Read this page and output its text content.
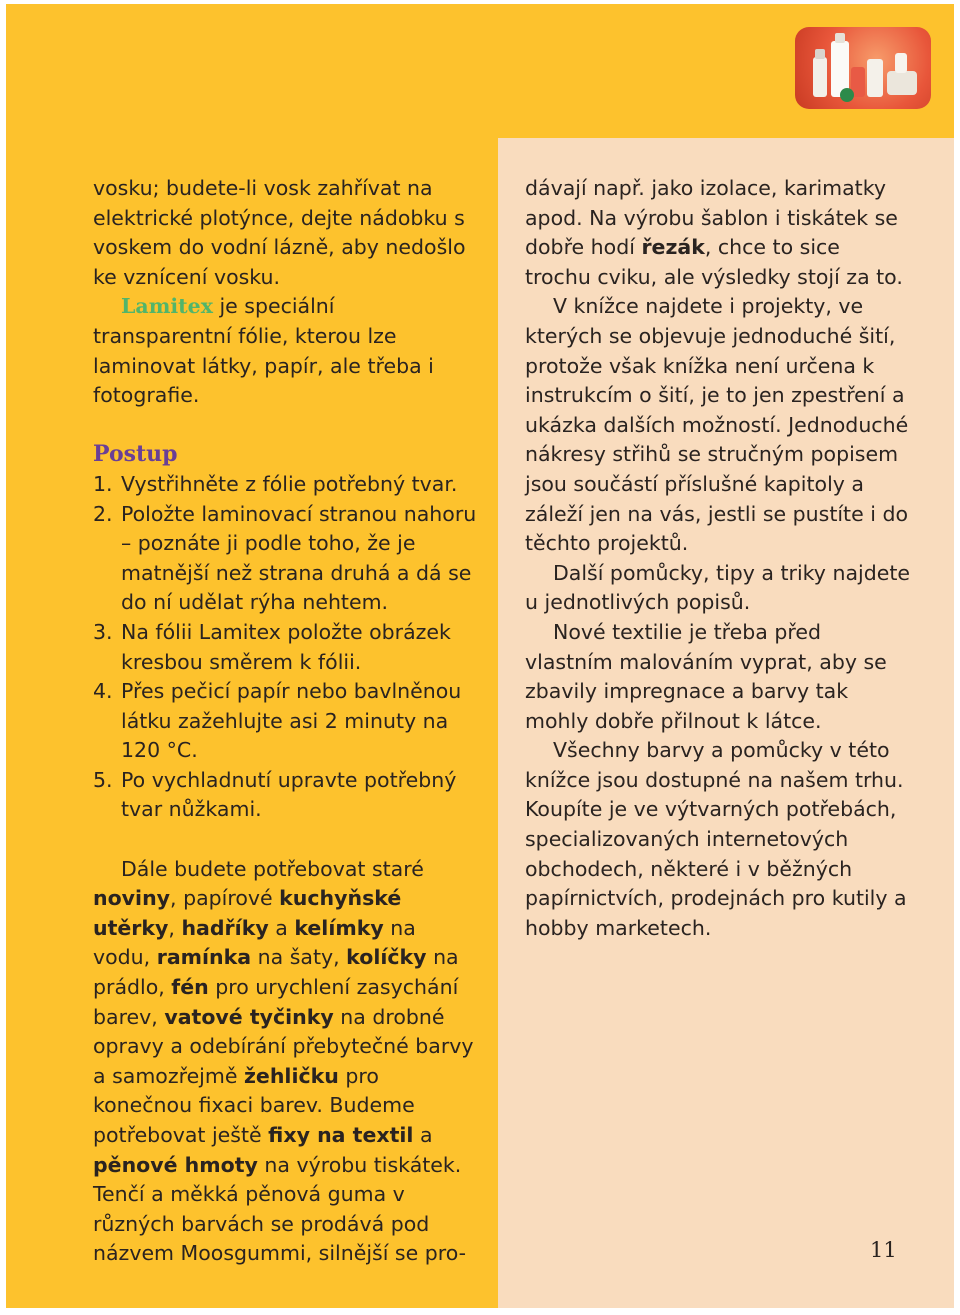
vosku; budete-li vosk zahřívat na elektrické plotýnce, dejte nádobku s voskem do vodní lázně, aby nedošlo ke vznícení vosku.

Lamitex je speciální transparentní fólie, kterou lze laminovat látky, papír, ale třeba i fotografie.

Postup

1. Vystřihněte z fólie potřebný tvar.
2. Položte laminovací stranou nahoru – poznáte ji podle toho, že je matnější než strana druhá a dá se do ní udělat rýha nehtem.
3. Na fólii Lamitex položte obrázek kresbou směrem k fólii.
4. Přes pečicí papír nebo bavlněnou látku zažehlujte asi 2 minuty na 120 °C.
5. Po vychladnutí upravte potřebný tvar nůžkami.

Dále budete potřebovat staré noviny, papírové kuchyňské utěrky, hadříky a kelímky na vodu, ramínka na šaty, kolíčky na prádlo, fén pro urychlení zasychání barev, vatové tyčinky na drobné opravy a odebírání přebytečné barvy a samozřejmě žehličku pro konečnou fixaci barev. Budeme potřebovat ještě fixy na textil a pěnové hmoty na výrobu tiskátek. Tenčí a měkká pěnová guma v různých barvách se prodává pod názvem Moosgummi, silnější se pro-

dávají např. jako izolace, karimatky apod. Na výrobu šablon i tiskátek se dobře hodí řezák, chce to sice trochu cviku, ale výsledky stojí za to.

V knížce najdete i projekty, ve kterých se objevuje jednoduché šití, protože však knížka není určena k instrukcím o šití, je to jen zpestření a ukázka dalších možností. Jednoduché nákresy střihů se stručným popisem jsou součástí příslušné kapitoly a záleží jen na vás, jestli se pustíte i do těchto projektů.

Další pomůcky, tipy a triky najdete u jednotlivých popisů.

Nové textilie je třeba před vlastním malováním vyprat, aby se zbavily impregnace a barvy tak mohly dobře přilnout k látce.

Všechny barvy a pomůcky v této knížce jsou dostupné na našem trhu. Koupíte je ve výtvarných potřebách, specializovaných internetových obchodech, některé i v běžných papírnictvích, prodejnách pro kutily a hobby marketech.

11
